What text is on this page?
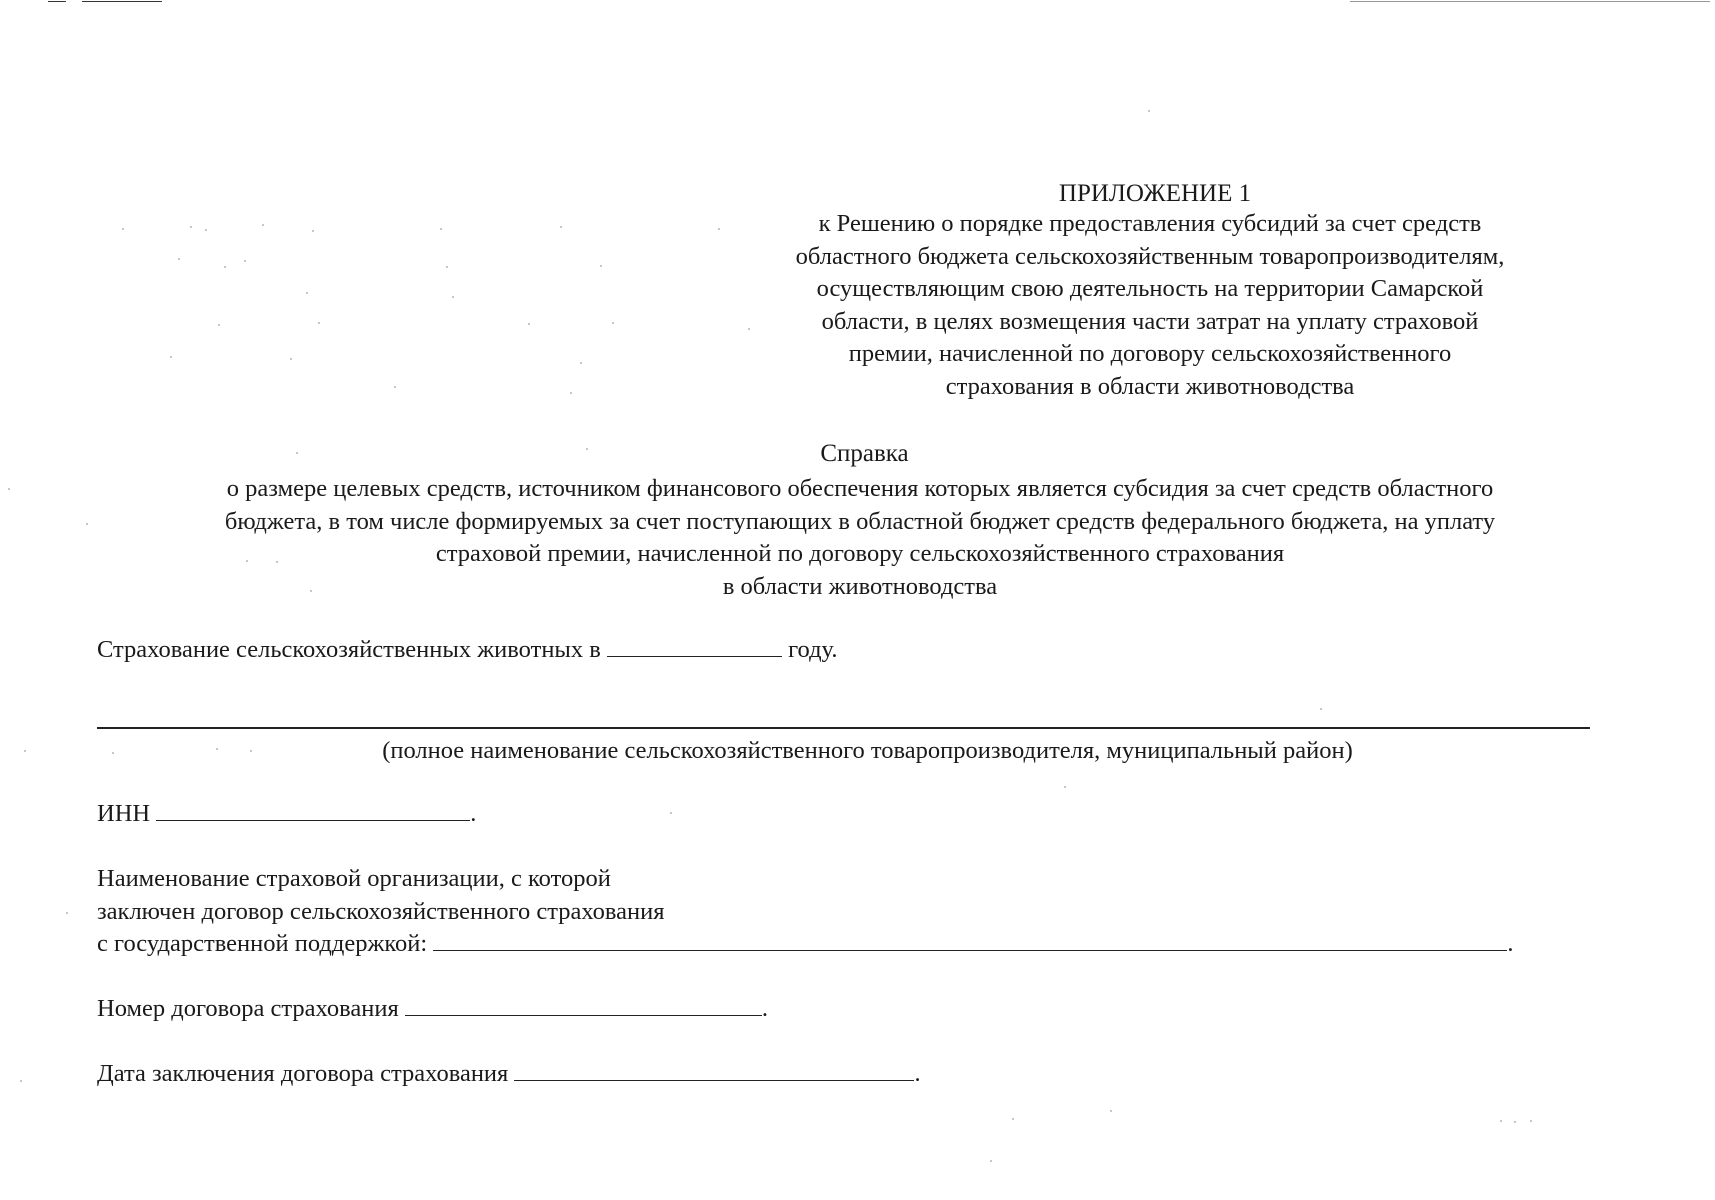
ПРИЛОЖЕНИЕ 1
к Решению о порядке предоставления субсидий за счет средств
областного бюджета сельскохозяйственным товаропроизводителям,
осуществляющим свою деятельность на территории Самарской
области, в целях возмещения части затрат на уплату страховой
премии, начисленной по договору сельскохозяйственного
страхования в области животноводства
Справка
о размере целевых средств, источником финансового обеспечения которых является субсидия за счет средств областного
бюджета, в том числе формируемых за счет поступающих в областной бюджет средств федерального бюджета, на уплату
страховой премии, начисленной по договору сельскохозяйственного страхования
в области животноводства
Страхование сельскохозяйственных животных в	году.
(полное наименование сельскохозяйственного товаропроизводителя, муниципальный район)
ИНН	.
Наименование страховой организации, с которой
заключен договор сельскохозяйственного страхования
с государственной поддержкой:	.
Номер договора страхования	.
Дата заключения договора страхования	.
